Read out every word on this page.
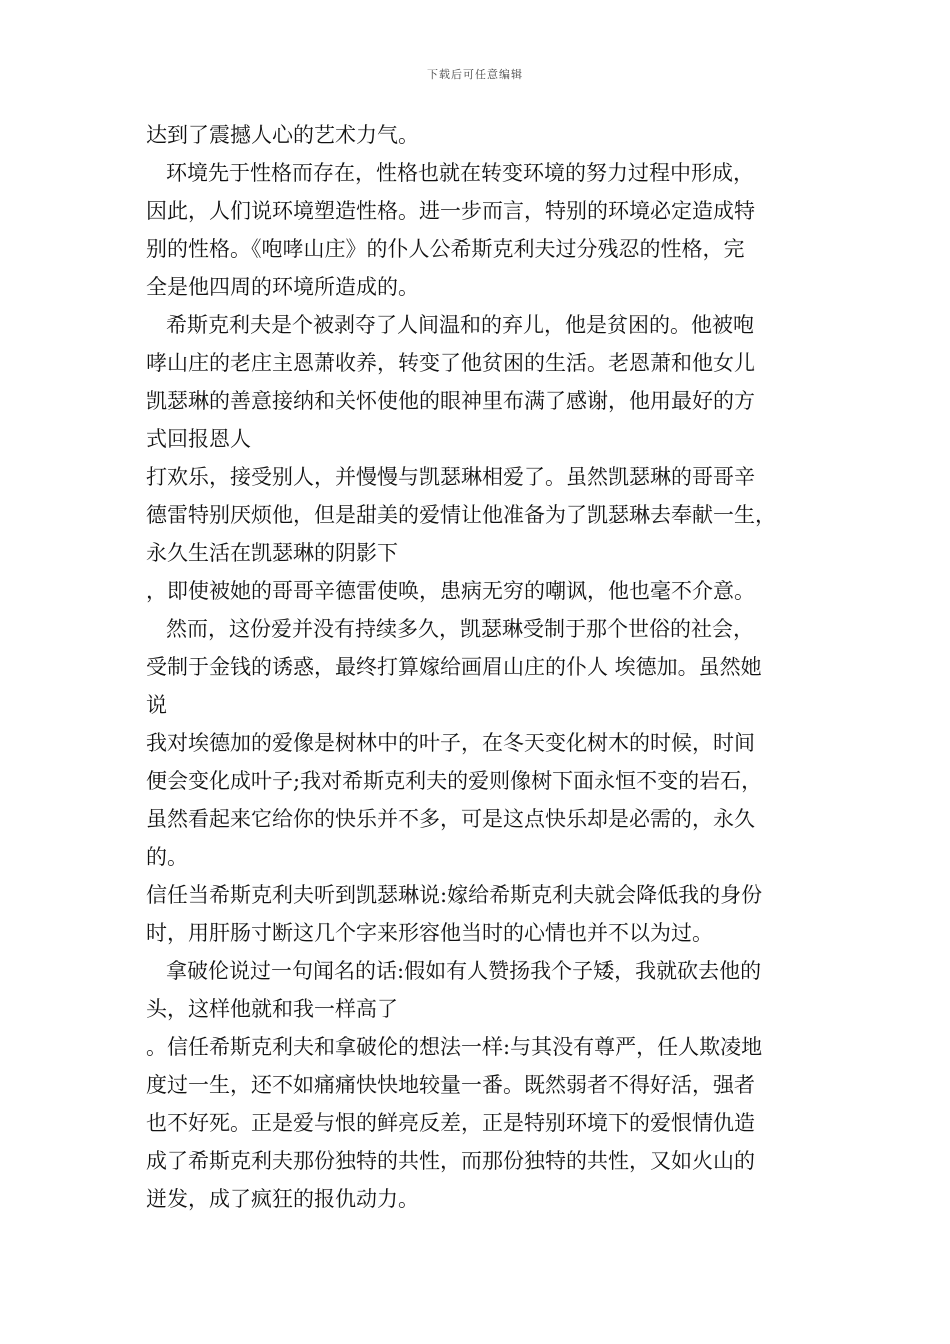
下载后可任意编辑
达到了震撼人心的艺术力气。
环境先于性格而存在，性格也就在转变环境的努力过程中形成，
因此，人们说环境塑造性格。进一步而言，特别的环境必定造成特
别的性格。《咆哮山庄》的仆人公希斯克利夫过分残忍的性格，完
全是他四周的环境所造成的。
希斯克利夫是个被剥夺了人间温和的弃儿，他是贫困的。他被咆
哮山庄的老庄主恩萧收养，转变了他贫困的生活。老恩萧和他女儿
凯瑟琳的善意接纳和关怀使他的眼神里布满了感谢，他用最好的方
式回报恩人
打欢乐，接受别人，并慢慢与凯瑟琳相爱了。虽然凯瑟琳的哥哥辛
德雷特别厌烦他，但是甜美的爱情让他准备为了凯瑟琳去奉献一生，
永久生活在凯瑟琳的阴影下
，即使被她的哥哥辛德雷使唤，患病无穷的嘲讽，他也毫不介意。
然而，这份爱并没有持续多久，凯瑟琳受制于那个世俗的社会，
受制于金钱的诱惑，最终打算嫁给画眉山庄的仆人 埃德加。虽然她
说
我对埃德加的爱像是树林中的叶子，在冬天变化树木的时候，时间
便会变化成叶子;我对希斯克利夫的爱则像树下面永恒不变的岩石，
虽然看起来它给你的快乐并不多，可是这点快乐却是必需的，永久
的。
信任当希斯克利夫听到凯瑟琳说:嫁给希斯克利夫就会降低我的身份
时，用肝肠寸断这几个字来形容他当时的心情也并不以为过。
拿破伦说过一句闻名的话:假如有人赞扬我个子矮，我就砍去他的
头，这样他就和我一样高了
。信任希斯克利夫和拿破伦的想法一样:与其没有尊严，任人欺凌地
度过一生，还不如痛痛快快地较量一番。既然弱者不得好活，强者
也不好死。正是爱与恨的鲜亮反差，正是特别环境下的爱恨情仇造
成了希斯克利夫那份独特的共性，而那份独特的共性，又如火山的
迸发，成了疯狂的报仇动力。
